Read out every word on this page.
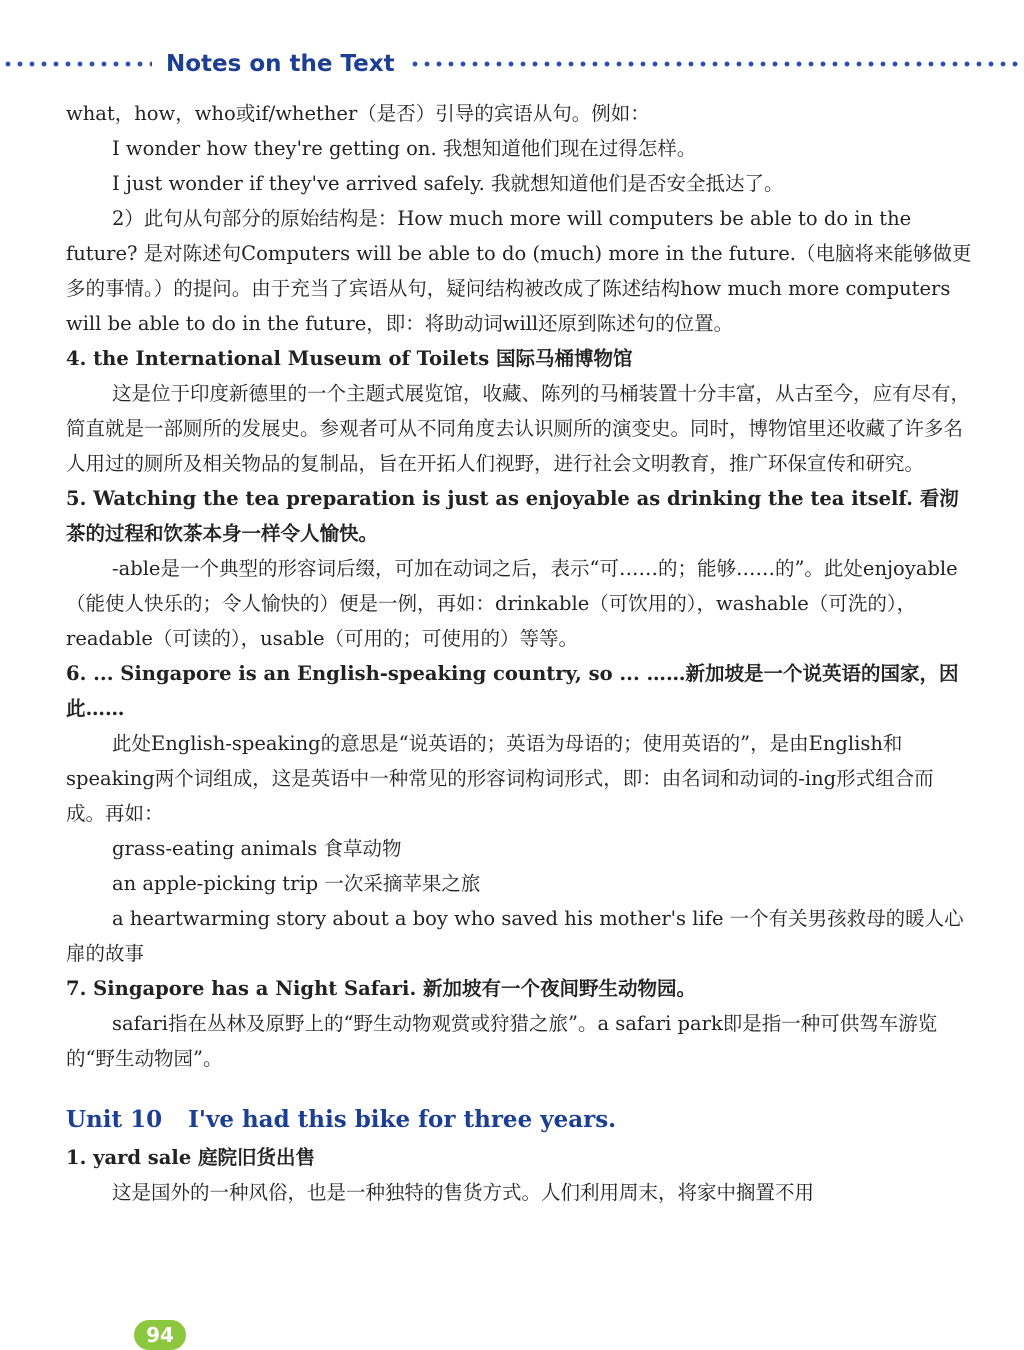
Notes on the Text

what，how，who或if/whether（是否）引导的宾语从句。例如：

I wonder how they're getting on. 我想知道他们现在过得怎样。

I just wonder if they've arrived safely. 我就想知道他们是否安全抵达了。

2）此句从句部分的原始结构是：How much more will computers be able to do in the future? 是对陈述句Computers will be able to do (much) more in the future.（电脑将来能够做更多的事情。）的提问。由于充当了宾语从句，疑问结构被改成了陈述结构how much more computers will be able to do in the future，即：将助动词will还原到陈述句的位置。

4. the International Museum of Toilets 国际马桶博物馆

这是位于印度新德里的一个主题式展览馆，收藏、陈列的马桶装置十分丰富，从古至今，应有尽有，简直就是一部厕所的发展史。参观者可从不同角度去认识厕所的演变史。同时，博物馆里还收藏了许多名人用过的厕所及相关物品的复制品，旨在开拓人们视野，进行社会文明教育，推广环保宣传和研究。

5. Watching the tea preparation is just as enjoyable as drinking the tea itself. 看沏茶的过程和饮茶本身一样令人愉快。

-able是一个典型的形容词后缀，可加在动词之后，表示“可……的；能够……的”。此处enjoyable（能使人快乐的；令人愉快的）便是一例，再如：drinkable（可饮用的），washable（可洗的），readable（可读的），usable（可用的；可使用的）等等。

6. ... Singapore is an English-speaking country, so ... ……新加坡是一个说英语的国家，因此……

此处English-speaking的意思是“说英语的；英语为母语的；使用英语的”，是由English和speaking两个词组成，这是英语中一种常见的形容词构词形式，即：由名词和动词的-ing形式组合而成。再如：

grass-eating animals 食草动物

an apple-picking trip 一次采摘苹果之旅

a heartwarming story about a boy who saved his mother's life 一个有关男孩救母的暖人心扉的故事

7. Singapore has a Night Safari. 新加坡有一个夜间野生动物园。

safari指在丛林及原野上的“野生动物观赏或狩猎之旅”。a safari park即是指一种可供驾车游览的“野生动物园”。

Unit 10 I've had this bike for three years.

1. yard sale 庭院旧货出售

这是国外的一种风俗，也是一种独特的售货方式。人们利用周末，将家中搁置不用

94
